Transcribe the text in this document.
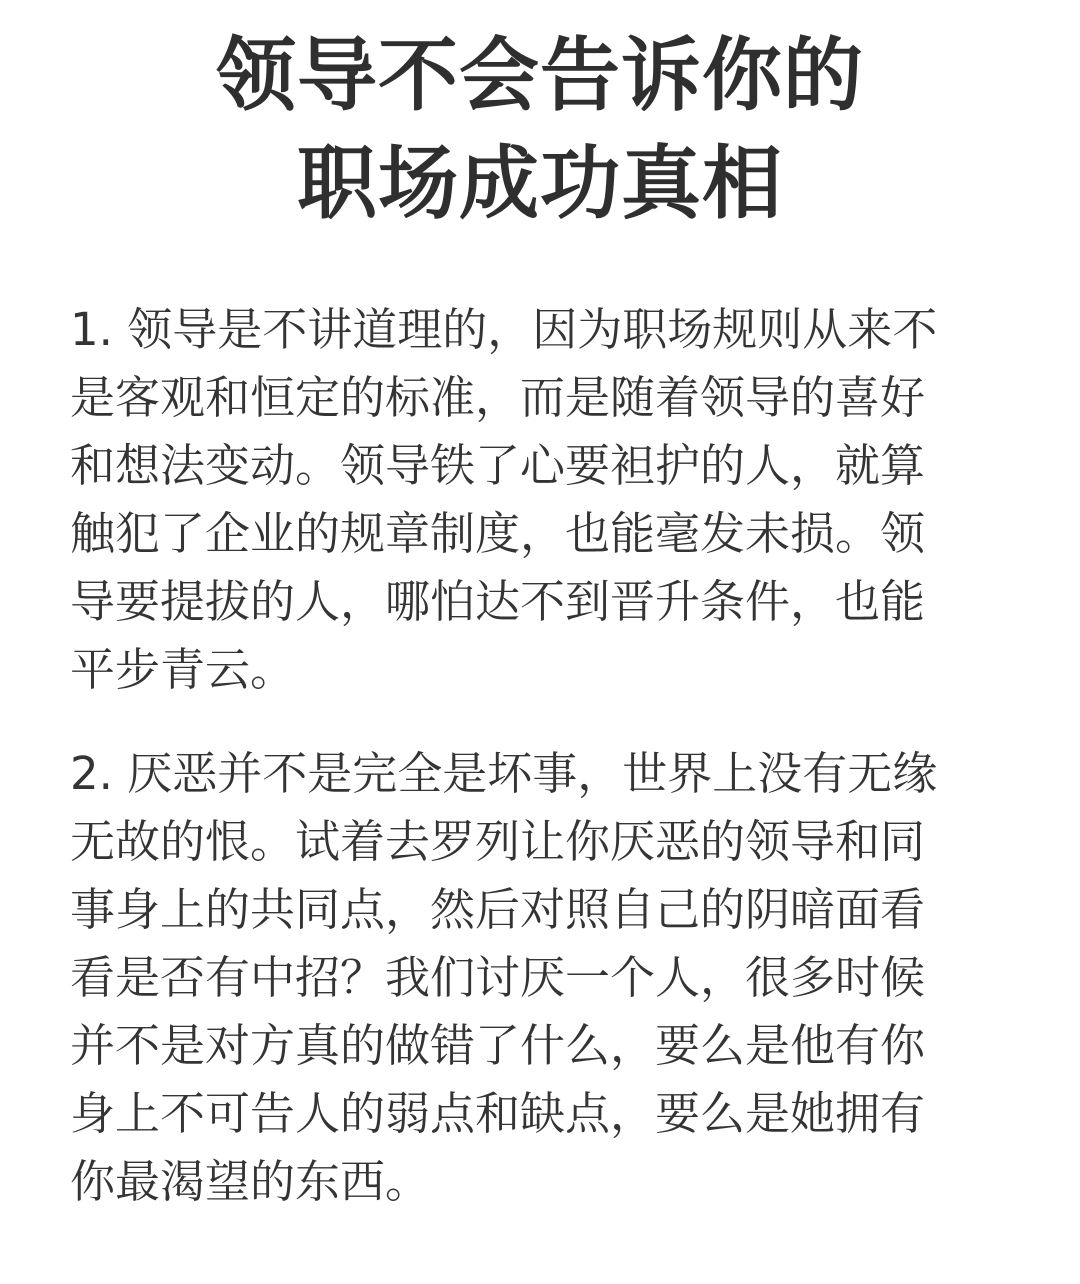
领导不会告诉你的
职场成功真相
1. 领导是不讲道理的，因为职场规则从来不
是客观和恒定的标准，而是随着领导的喜好
和想法变动。领导铁了心要袒护的人，就算
触犯了企业的规章制度，也能毫发未损。领
导要提拔的人，哪怕达不到晋升条件，也能
平步青云。
2. 厌恶并不是完全是坏事，世界上没有无缘
无故的恨。试着去罗列让你厌恶的领导和同
事身上的共同点，然后对照自己的阴暗面看
看是否有中招？我们讨厌一个人，很多时候
并不是对方真的做错了什么，要么是他有你
身上不可告人的弱点和缺点，要么是她拥有
你最渴望的东西。
